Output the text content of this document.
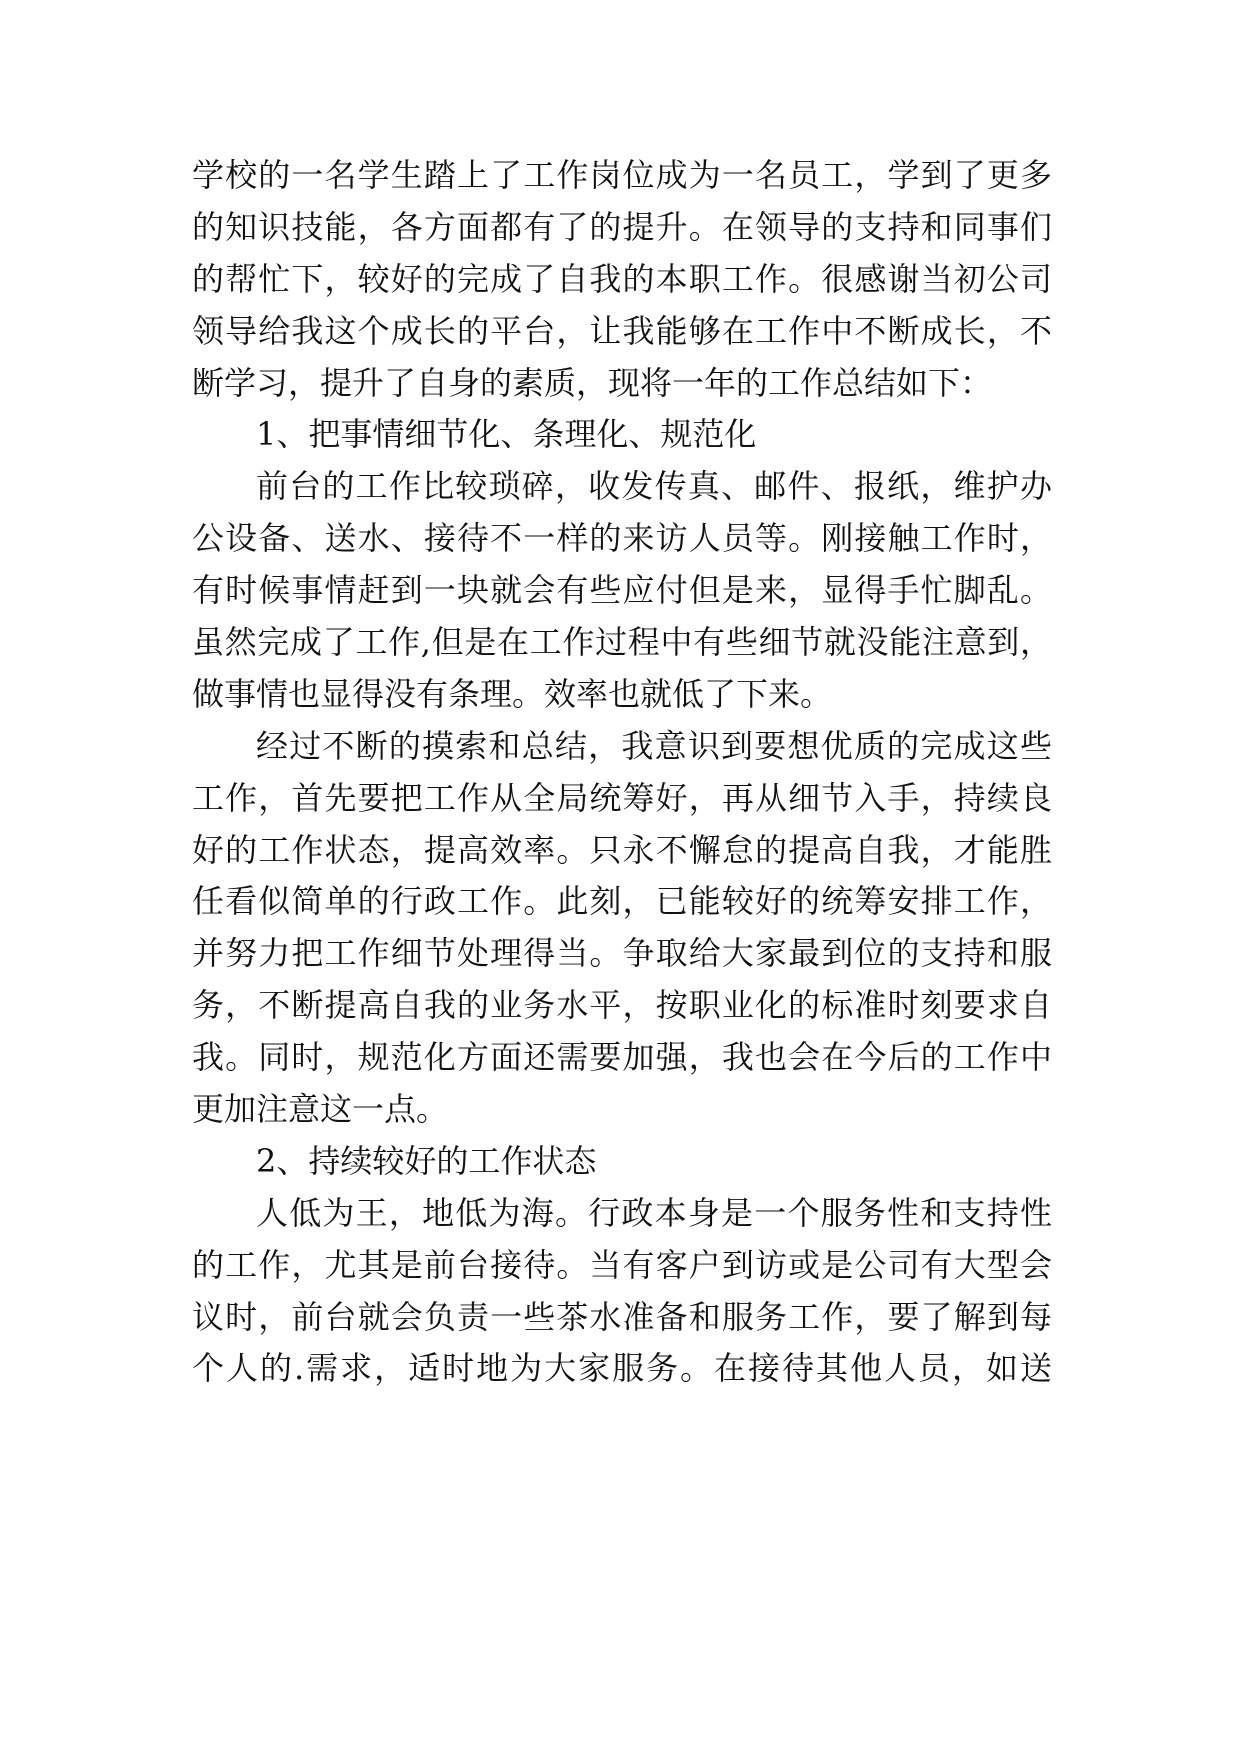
学校的一名学生踏上了工作岗位成为一名员工，学到了更多
的知识技能，各方面都有了的提升。在领导的支持和同事们
的帮忙下，较好的完成了自我的本职工作。很感谢当初公司
领导给我这个成长的平台，让我能够在工作中不断成长，不
断学习，提升了自身的素质，现将一年的工作总结如下：
1、把事情细节化、条理化、规范化
前台的工作比较琐碎，收发传真、邮件、报纸，维护办
公设备、送水、接待不一样的来访人员等。刚接触工作时，
有时候事情赶到一块就会有些应付但是来，显得手忙脚乱。
虽然完成了工作,但是在工作过程中有些细节就没能注意到，
做事情也显得没有条理。效率也就低了下来。
经过不断的摸索和总结，我意识到要想优质的完成这些
工作，首先要把工作从全局统筹好，再从细节入手，持续良
好的工作状态，提高效率。只永不懈怠的提高自我，才能胜
任看似简单的行政工作。此刻，已能较好的统筹安排工作，
并努力把工作细节处理得当。争取给大家最到位的支持和服
务，不断提高自我的业务水平，按职业化的标准时刻要求自
我。同时，规范化方面还需要加强，我也会在今后的工作中
更加注意这一点。
2、持续较好的工作状态
人低为王，地低为海。行政本身是一个服务性和支持性
的工作，尤其是前台接待。当有客户到访或是公司有大型会
议时，前台就会负责一些茶水准备和服务工作，要了解到每
个人的.需求，适时地为大家服务。在接待其他人员，如送
